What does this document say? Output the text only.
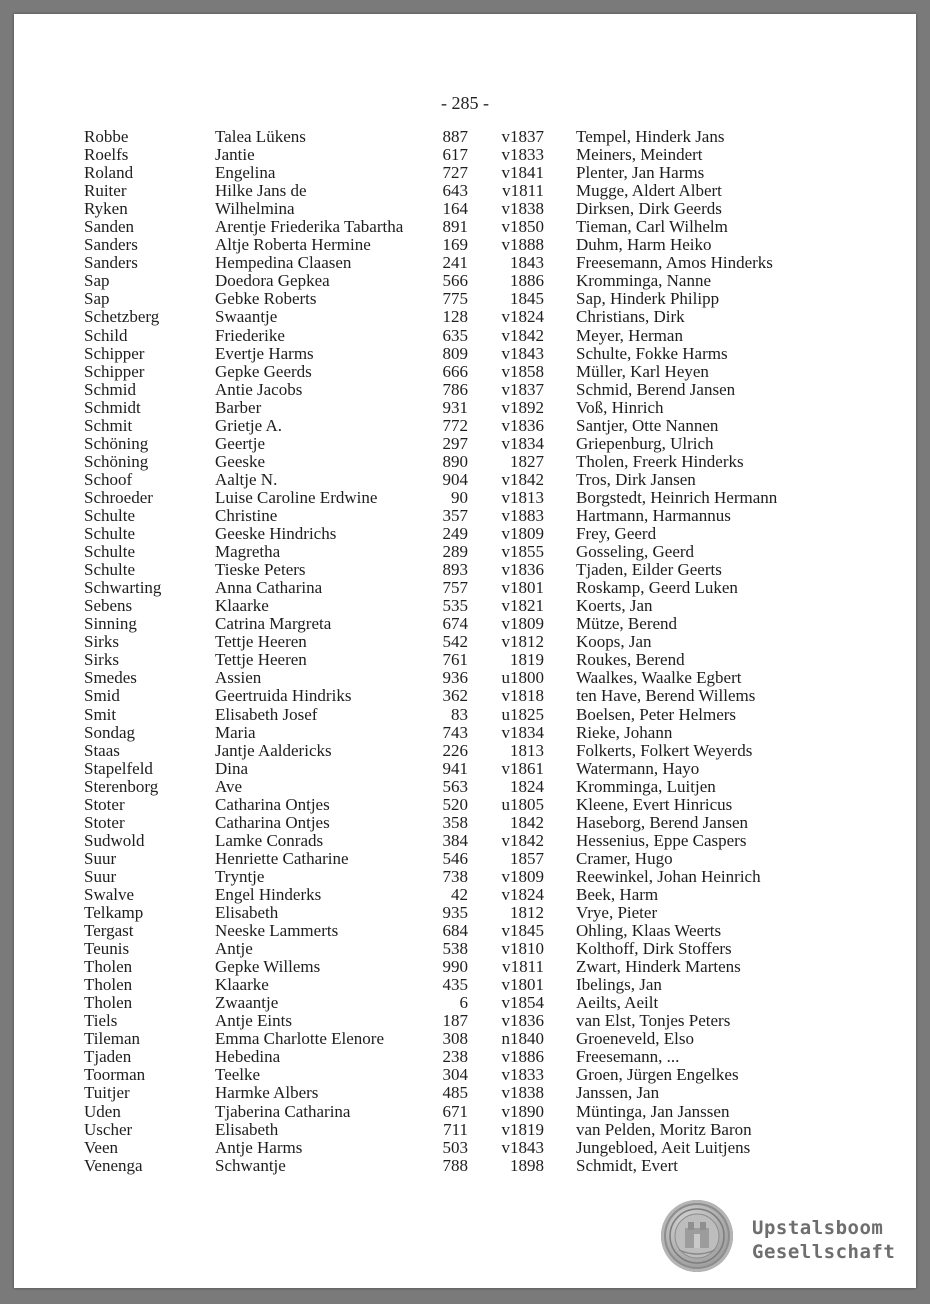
- 285 -
Robbe	Talea Lükens	887	v1837 Tempel, Hinderk Jans
Roelfs	Jantie	617	v1833 Meiners, Meindert
Roland	Engelina	727	v1841 Plenter, Jan Harms
Ruiter	Hilke Jans de	643	v1811 Mugge, Aldert Albert
Ryken	Wilhelmina	164	v1838 Dirksen, Dirk Geerds
Sanden	Arentje Friederika Tabartha	891	v1850 Tieman, Carl Wilhelm
Sanders	Altje Roberta Hermine	169	v1888 Duhm, Harm Heiko
Sanders	Hempedina Claasen	241	1843 Freesemann, Amos Hinderks
Sap	Doedora Gepkea	566	1886 Kromminga, Nanne
Sap	Gebke Roberts	775	1845 Sap, Hinderk Philipp
Schetzberg	Swaantje	128	v1824 Christians, Dirk
Schild	Friederike	635	v1842 Meyer, Herman
Schipper	Evertje Harms	809	v1843 Schulte, Fokke Harms
Schipper	Gepke Geerds	666	v1858 Müller, Karl Heyen
Schmid	Antie Jacobs	786	v1837 Schmid, Berend Jansen
Schmidt	Barber	931	v1892 Voß, Hinrich
Schmit	Grietje A.	772	v1836 Santjer, Otte Nannen
Schöning	Geertje	297	v1834 Griepenburg, Ulrich
Schöning	Geeske	890	1827 Tholen, Freerk Hinderks
Schoof	Aaltje N.	904	v1842 Tros, Dirk Jansen
Schroeder	Luise Caroline Erdwine	90	v1813 Borgstedt, Heinrich Hermann
Schulte	Christine	357	v1883 Hartmann, Harmannus
Schulte	Geeske Hindrichs	249	v1809 Frey, Geerd
Schulte	Magretha	289	v1855 Gosseling, Geerd
Schulte	Tieske Peters	893	v1836 Tjaden, Eilder Geerts
Schwarting	Anna Catharina	757	v1801 Roskamp, Geerd Luken
Sebens	Klaarke	535	v1821 Koerts, Jan
Sinning	Catrina Margreta	674	v1809 Mütze, Berend
Sirks	Tettje Heeren	542	v1812 Koops, Jan
Sirks	Tettje Heeren	761	1819 Roukes, Berend
Smedes	Assien	936	u1800 Waalkes, Waalke Egbert
Smid	Geertruida Hindriks	362	v1818 ten Have, Berend Willems
Smit	Elisabeth Josef	83	u1825 Boelsen, Peter Helmers
Sondag	Maria	743	v1834 Rieke, Johann
Staas	Jantje Aaldericks	226	1813 Folkerts, Folkert Weyerds
Stapelfeld	Dina	941	v1861 Watermann, Hayo
Sterenborg	Ave	563	1824 Kromminga, Luitjen
Stoter	Catharina Ontjes	520	u1805 Kleene, Evert Hinricus
Stoter	Catharina Ontjes	358	1842 Haseborg, Berend Jansen
Sudwold	Lamke Conrads	384	v1842 Hessenius, Eppe Caspers
Suur	Henriette Catharine	546	1857 Cramer, Hugo
Suur	Tryntje	738	v1809 Reewinkel, Johan Heinrich
Swalve	Engel Hinderks	42	v1824 Beek, Harm
Telkamp	Elisabeth	935	1812 Vrye, Pieter
Tergast	Neeske Lammerts	684	v1845 Ohling, Klaas Weerts
Teunis	Antje	538	v1810 Kolthoff, Dirk Stoffers
Tholen	Gepke Willems	990	v1811 Zwart, Hinderk Martens
Tholen	Klaarke	435	v1801 Ibelings, Jan
Tholen	Zwaantje	6	v1854 Aeilts, Aeilt
Tiels	Antje Eints	187	v1836 van Elst, Tonjes Peters
Tileman	Emma Charlotte Elenore	308	n1840 Groeneveld, Elso
Tjaden	Hebedina	238	v1886 Freesemann, ...
Toorman	Teelke	304	v1833 Groen, Jürgen Engelkes
Tuitjer	Harmke Albers	485	v1838 Janssen, Jan
Uden	Tjaberina Catharina	671	v1890 Müntinga, Jan Janssen
Uscher	Elisabeth	711	v1819 van Pelden, Moritz Baron
Veen	Antje Harms	503	v1843 Jungebloed, Aeit Luitjens
Venenga	Schwantje	788	1898 Schmidt, Evert
Upstalsboom
Gesellschaft
